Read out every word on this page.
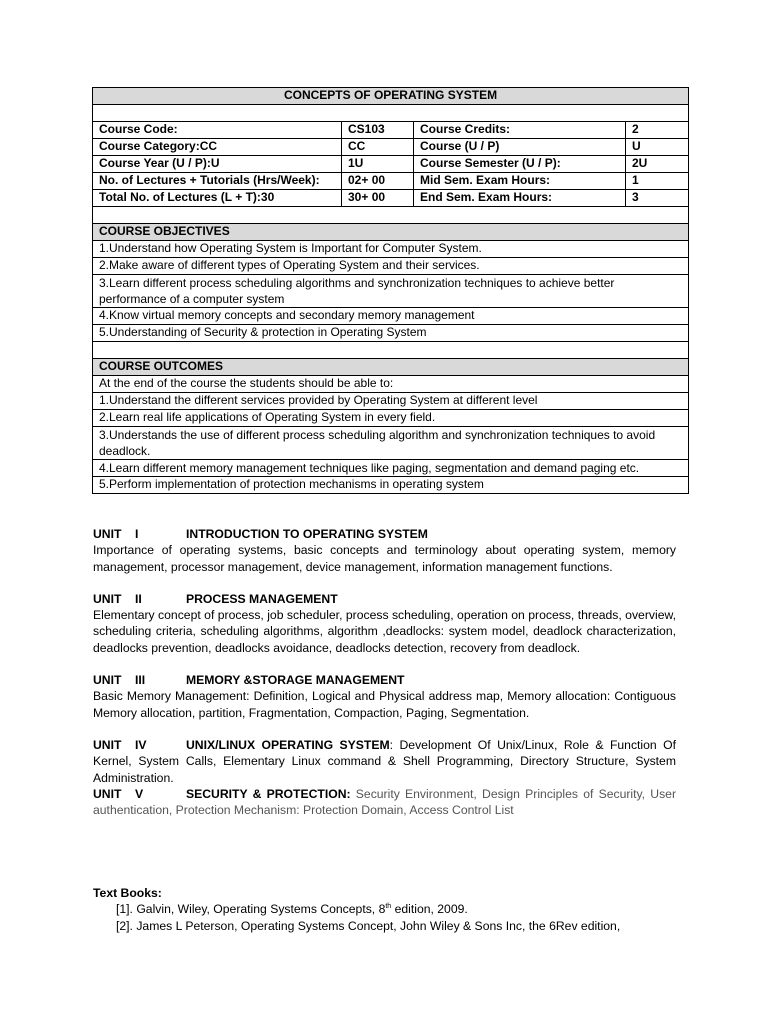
CONCEPTS OF OPERATING SYSTEM			

Course Code:	CS103	Course Credits:	2
Course Category:CC	CC	Course (U / P)	U
Course Year (U / P):U	1U	Course Semester (U / P):	2U
No. of Lectures + Tutorials (Hrs/Week):	02+ 00	Mid Sem. Exam Hours:	1
Total No. of Lectures (L + T):30	30+ 00	End Sem. Exam Hours:	3

COURSE OBJECTIVES			
1.Understand how Operating System is Important for Computer System.			
2.Make aware of different types of Operating System and their services.			
3.Learn different process scheduling algorithms and synchronization techniques to achieve better performance of a computer system			
4.Know virtual memory concepts and secondary memory management			
5.Understanding of Security & protection in Operating System			

COURSE OUTCOMES			
At the end of the course the students should be able to:			
1.Understand the different services provided by Operating System at different level			
2.Learn real life applications of Operating System in every field.			
3.Understands the use of different process scheduling algorithm and synchronization techniques to avoid deadlock.			
4.Learn different memory management techniques like paging, segmentation and demand paging etc.			
5.Perform implementation of protection mechanisms in operating system			

UNIT I	INTRODUCTION TO OPERATING SYSTEM

Importance of operating systems, basic concepts and terminology about operating system, memory management, processor management, device management, information management functions.

UNIT II	PROCESS MANAGEMENT

Elementary concept of process, job scheduler, process scheduling, operation on process, threads, overview, scheduling criteria, scheduling algorithms, algorithm ,deadlocks: system model, deadlock characterization, deadlocks prevention, deadlocks avoidance, deadlocks detection, recovery from deadlock.

UNIT III	MEMORY &STORAGE MANAGEMENT

Basic Memory Management: Definition, Logical and Physical address map, Memory allocation: Contiguous Memory allocation, partition, Fragmentation, Compaction, Paging, Segmentation.

UNIT IV	UNIX/LINUX OPERATING SYSTEM: Development Of Unix/Linux, Role & Function Of Kernel, System Calls, Elementary Linux command & Shell Programming, Directory Structure, System Administration.

UNIT V	SECURITY & PROTECTION: Security Environment, Design Principles of Security, User authentication, Protection Mechanism: Protection Domain, Access Control List

Text Books:

[1]. Galvin, Wiley, Operating Systems Concepts, 8th edition, 2009.

[2]. James L Peterson, Operating Systems Concept, John Wiley & Sons Inc, the 6Rev edition,
